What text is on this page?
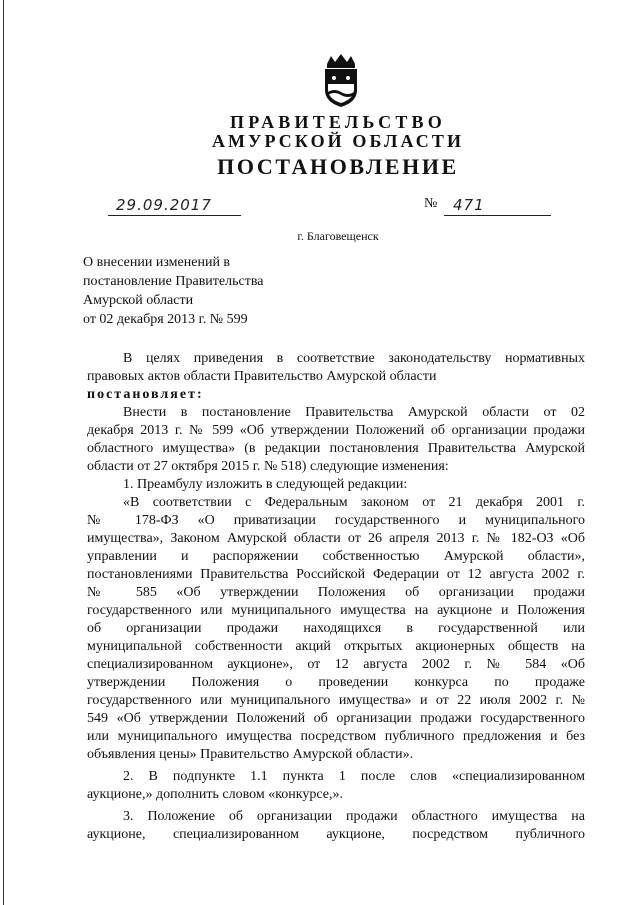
ПРАВИТЕЛЬСТВО
АМУРСКОЙ ОБЛАСТИ
ПОСТАНОВЛЕНИЕ
29.09.2017	№ 471
г. Благовещенск
О внесении изменений в
постановление Правительства
Амурской области
от 02 декабря 2013 г. № 599

В целях приведения в соответствие законодательству нормативных

правовых актов области Правительство Амурской области

постановляет:

Внести в постановление Правительства Амурской области от 02

декабря 2013 г. № 599 «Об утверждении Положений об организации продажи

областного имущества» (в редакции постановления Правительства Амурской

области от 27 октября 2015 г. № 518) следующие изменения:

1. Преамбулу изложить в следующей редакции:

«В соответствии с Федеральным законом от 21 декабря 2001 г.

№ 178-ФЗ «О приватизации государственного и муниципального

имущества», Законом Амурской области от 26 апреля 2013 г. № 182-ОЗ «Об

управлении и распоряжении собственностью Амурской области»,

постановлениями Правительства Российской Федерации от 12 августа 2002 г.

№ 585 «Об утверждении Положения об организации продажи

государственного или муниципального имущества на аукционе и Положения

об организации продажи находящихся в государственной или

муниципальной собственности акций открытых акционерных обществ на

специализированном аукционе», от 12 августа 2002 г. № 584 «Об

утверждении Положения о проведении конкурса по продаже

государственного или муниципального имущества» и от 22 июля 2002 г. №

549 «Об утверждении Положений об организации продажи государственного

или муниципального имущества посредством публичного предложения и без

объявления цены» Правительство Амурской области».

2. В подпункте 1.1 пункта 1 после слов «специализированном

аукционе,» дополнить словом «конкурсе,».

3. Положение об организации продажи областного имущества на

аукционе, специализированном аукционе, посредством публичного
